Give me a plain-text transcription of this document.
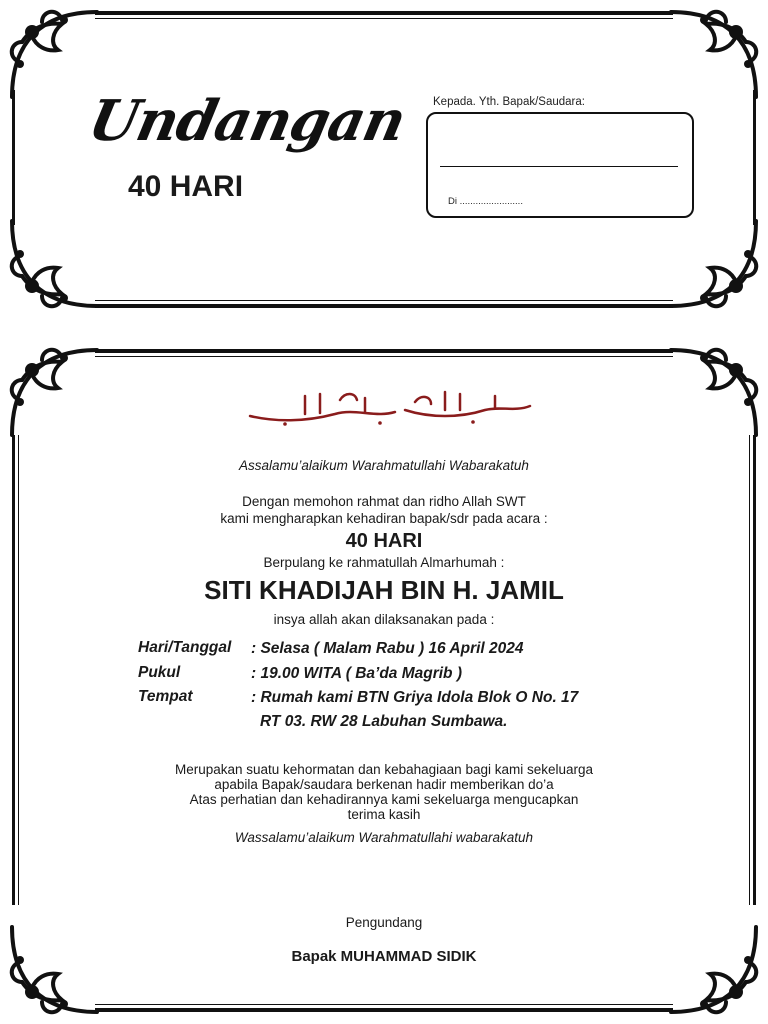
Undangan
40 HARI
Kepada. Yth. Bapak/Saudara:
Di ........................
Assalamu’alaikum Warahmatullahi Wabarakatuh
Dengan memohon rahmat dan ridho Allah SWT
kami mengharapkan kehadiran bapak/sdr pada acara :
40 HARI
Berpulang ke rahmatullah Almarhumah :
SITI KHADIJAH BIN H. JAMIL
insya allah akan dilaksanakan pada :
Hari/Tanggal : Selasa ( Malam Rabu ) 16 April 2024
Pukul	: 19.00 WITA ( Ba’da Magrib )
Tempat	: Rumah kami BTN Griya Idola Blok O No. 17
RT 03. RW 28 Labuhan Sumbawa.
Merupakan suatu kehormatan dan kebahagiaan bagi kami sekeluarga
apabila Bapak/saudara berkenan hadir memberikan do’a
Atas perhatian dan kehadirannya kami sekeluarga mengucapkan
terima kasih
Wassalamu’alaikum Warahmatullahi wabarakatuh
Pengundang
Bapak MUHAMMAD SIDIK
